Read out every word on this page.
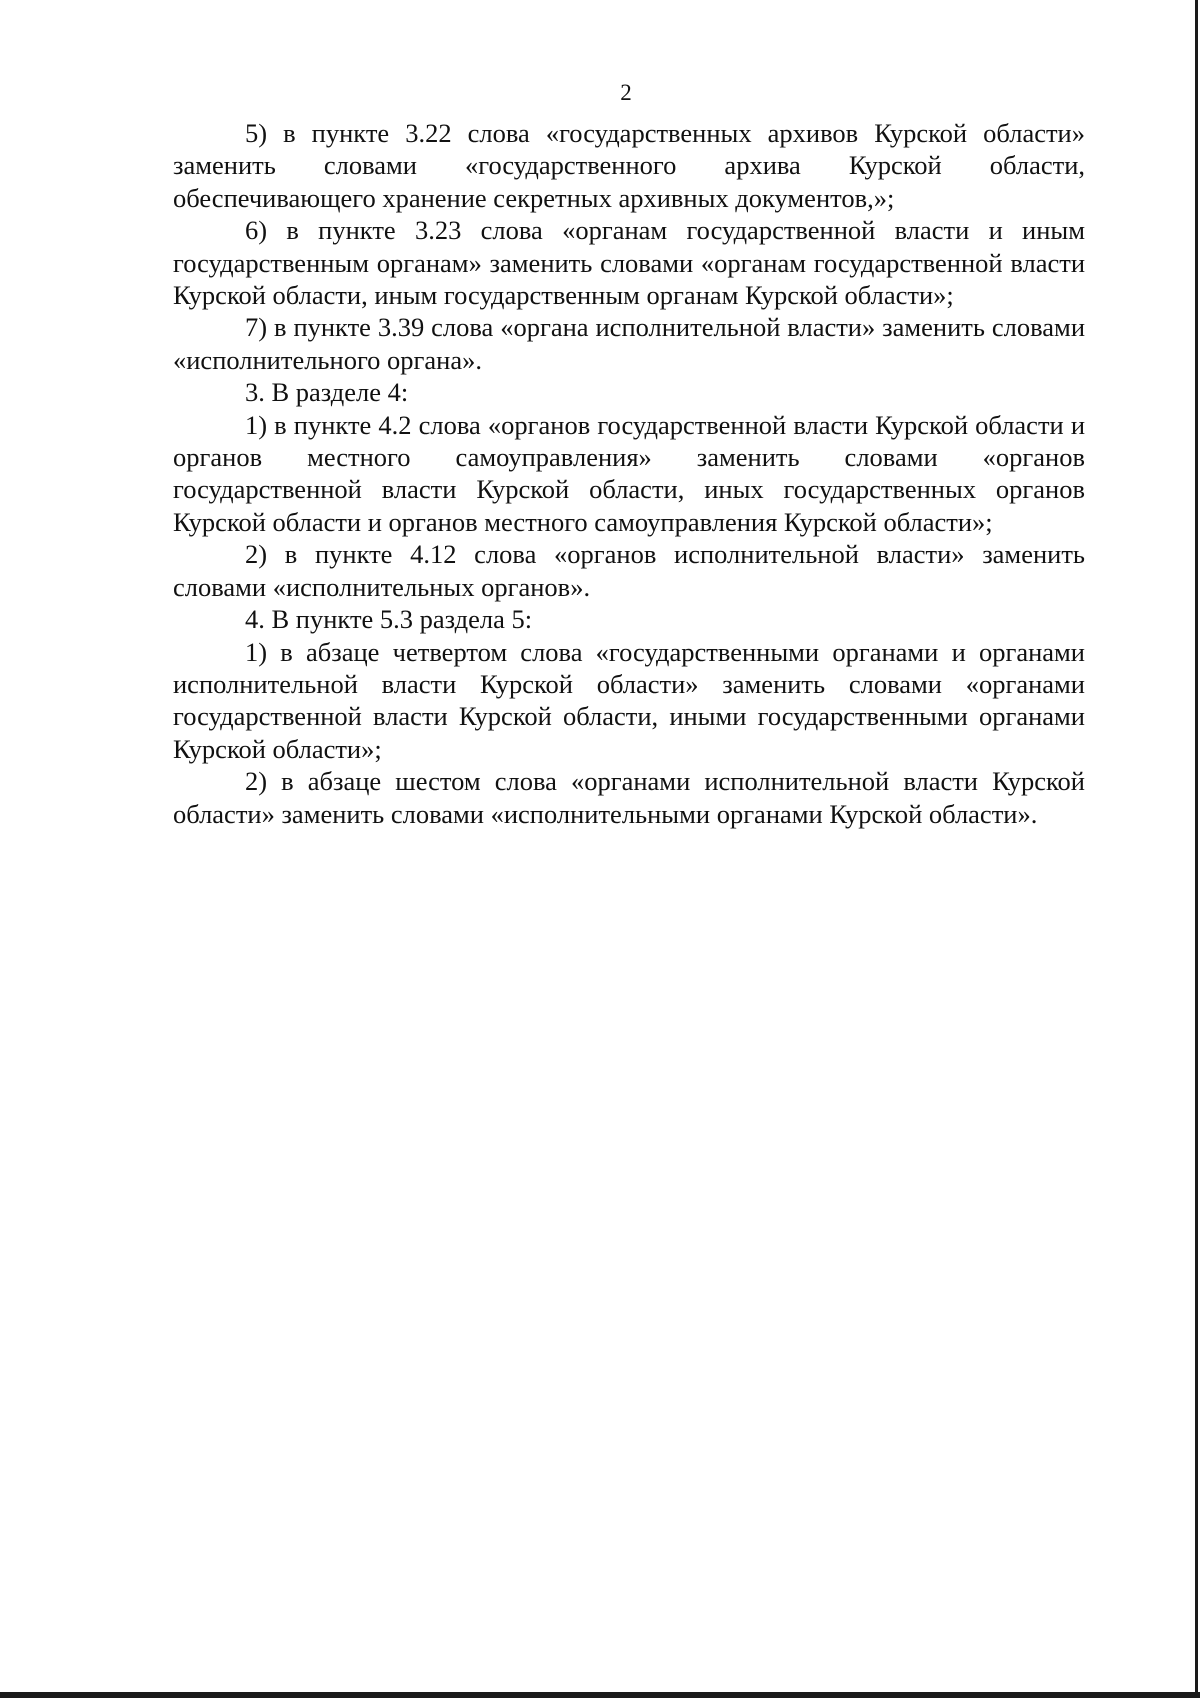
2

5) в пункте 3.22 слова «государственных архивов Курской области» заменить словами «государственного архива Курской области, обеспечивающего хранение секретных архивных документов,»;

6) в пункте 3.23 слова «органам государственной власти и иным государственным органам» заменить словами «органам государственной власти Курской области, иным государственным органам Курской области»;

7) в пункте 3.39 слова «органа исполнительной власти» заменить словами «исполнительного органа».

3. В разделе 4:

1) в пункте 4.2 слова «органов государственной власти Курской области и органов местного самоуправления» заменить словами «органов государственной власти Курской области, иных государственных органов Курской области и органов местного самоуправления Курской области»;

2) в пункте 4.12 слова «органов исполнительной власти» заменить словами «исполнительных органов».

4. В пункте 5.3 раздела 5:

1) в абзаце четвертом слова «государственными органами и органами исполнительной власти Курской области» заменить словами «органами государственной власти Курской области, иными государственными органами Курской области»;

2) в абзаце шестом слова «органами исполнительной власти Курской области» заменить словами «исполнительными органами Курской области».
